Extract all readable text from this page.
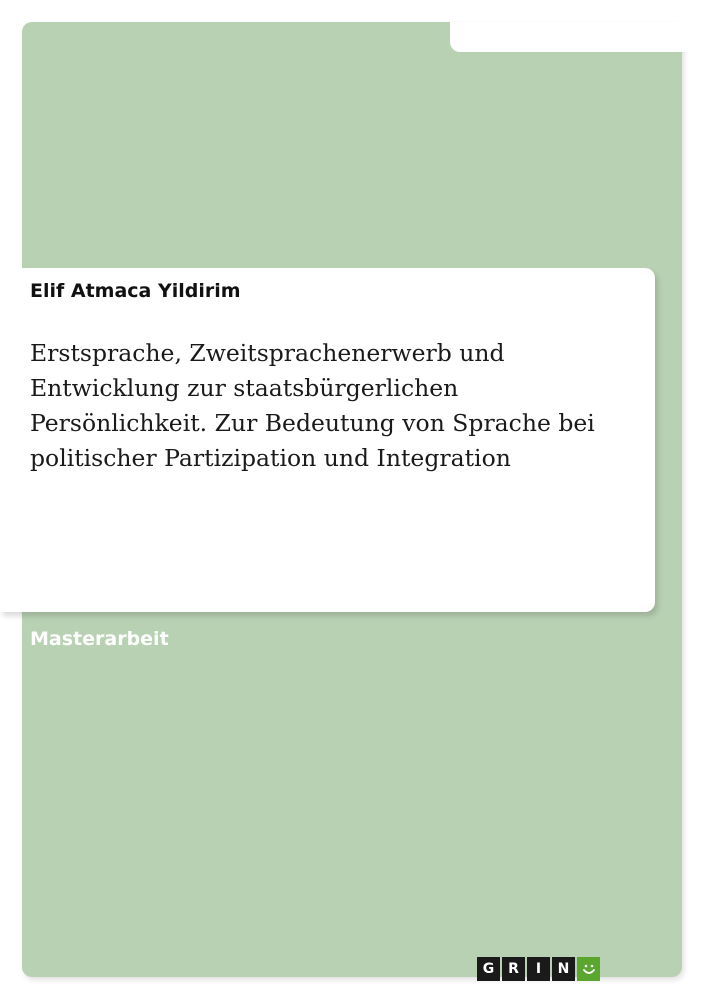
Elif Atmaca Yildirim
Erstsprache, Zweitsprachenerwerb und Entwicklung zur staatsbürgerlichen Persönlichkeit. Zur Bedeutung von Sprache bei politischer Partizipation und Integration
Masterarbeit
G R	I	N
